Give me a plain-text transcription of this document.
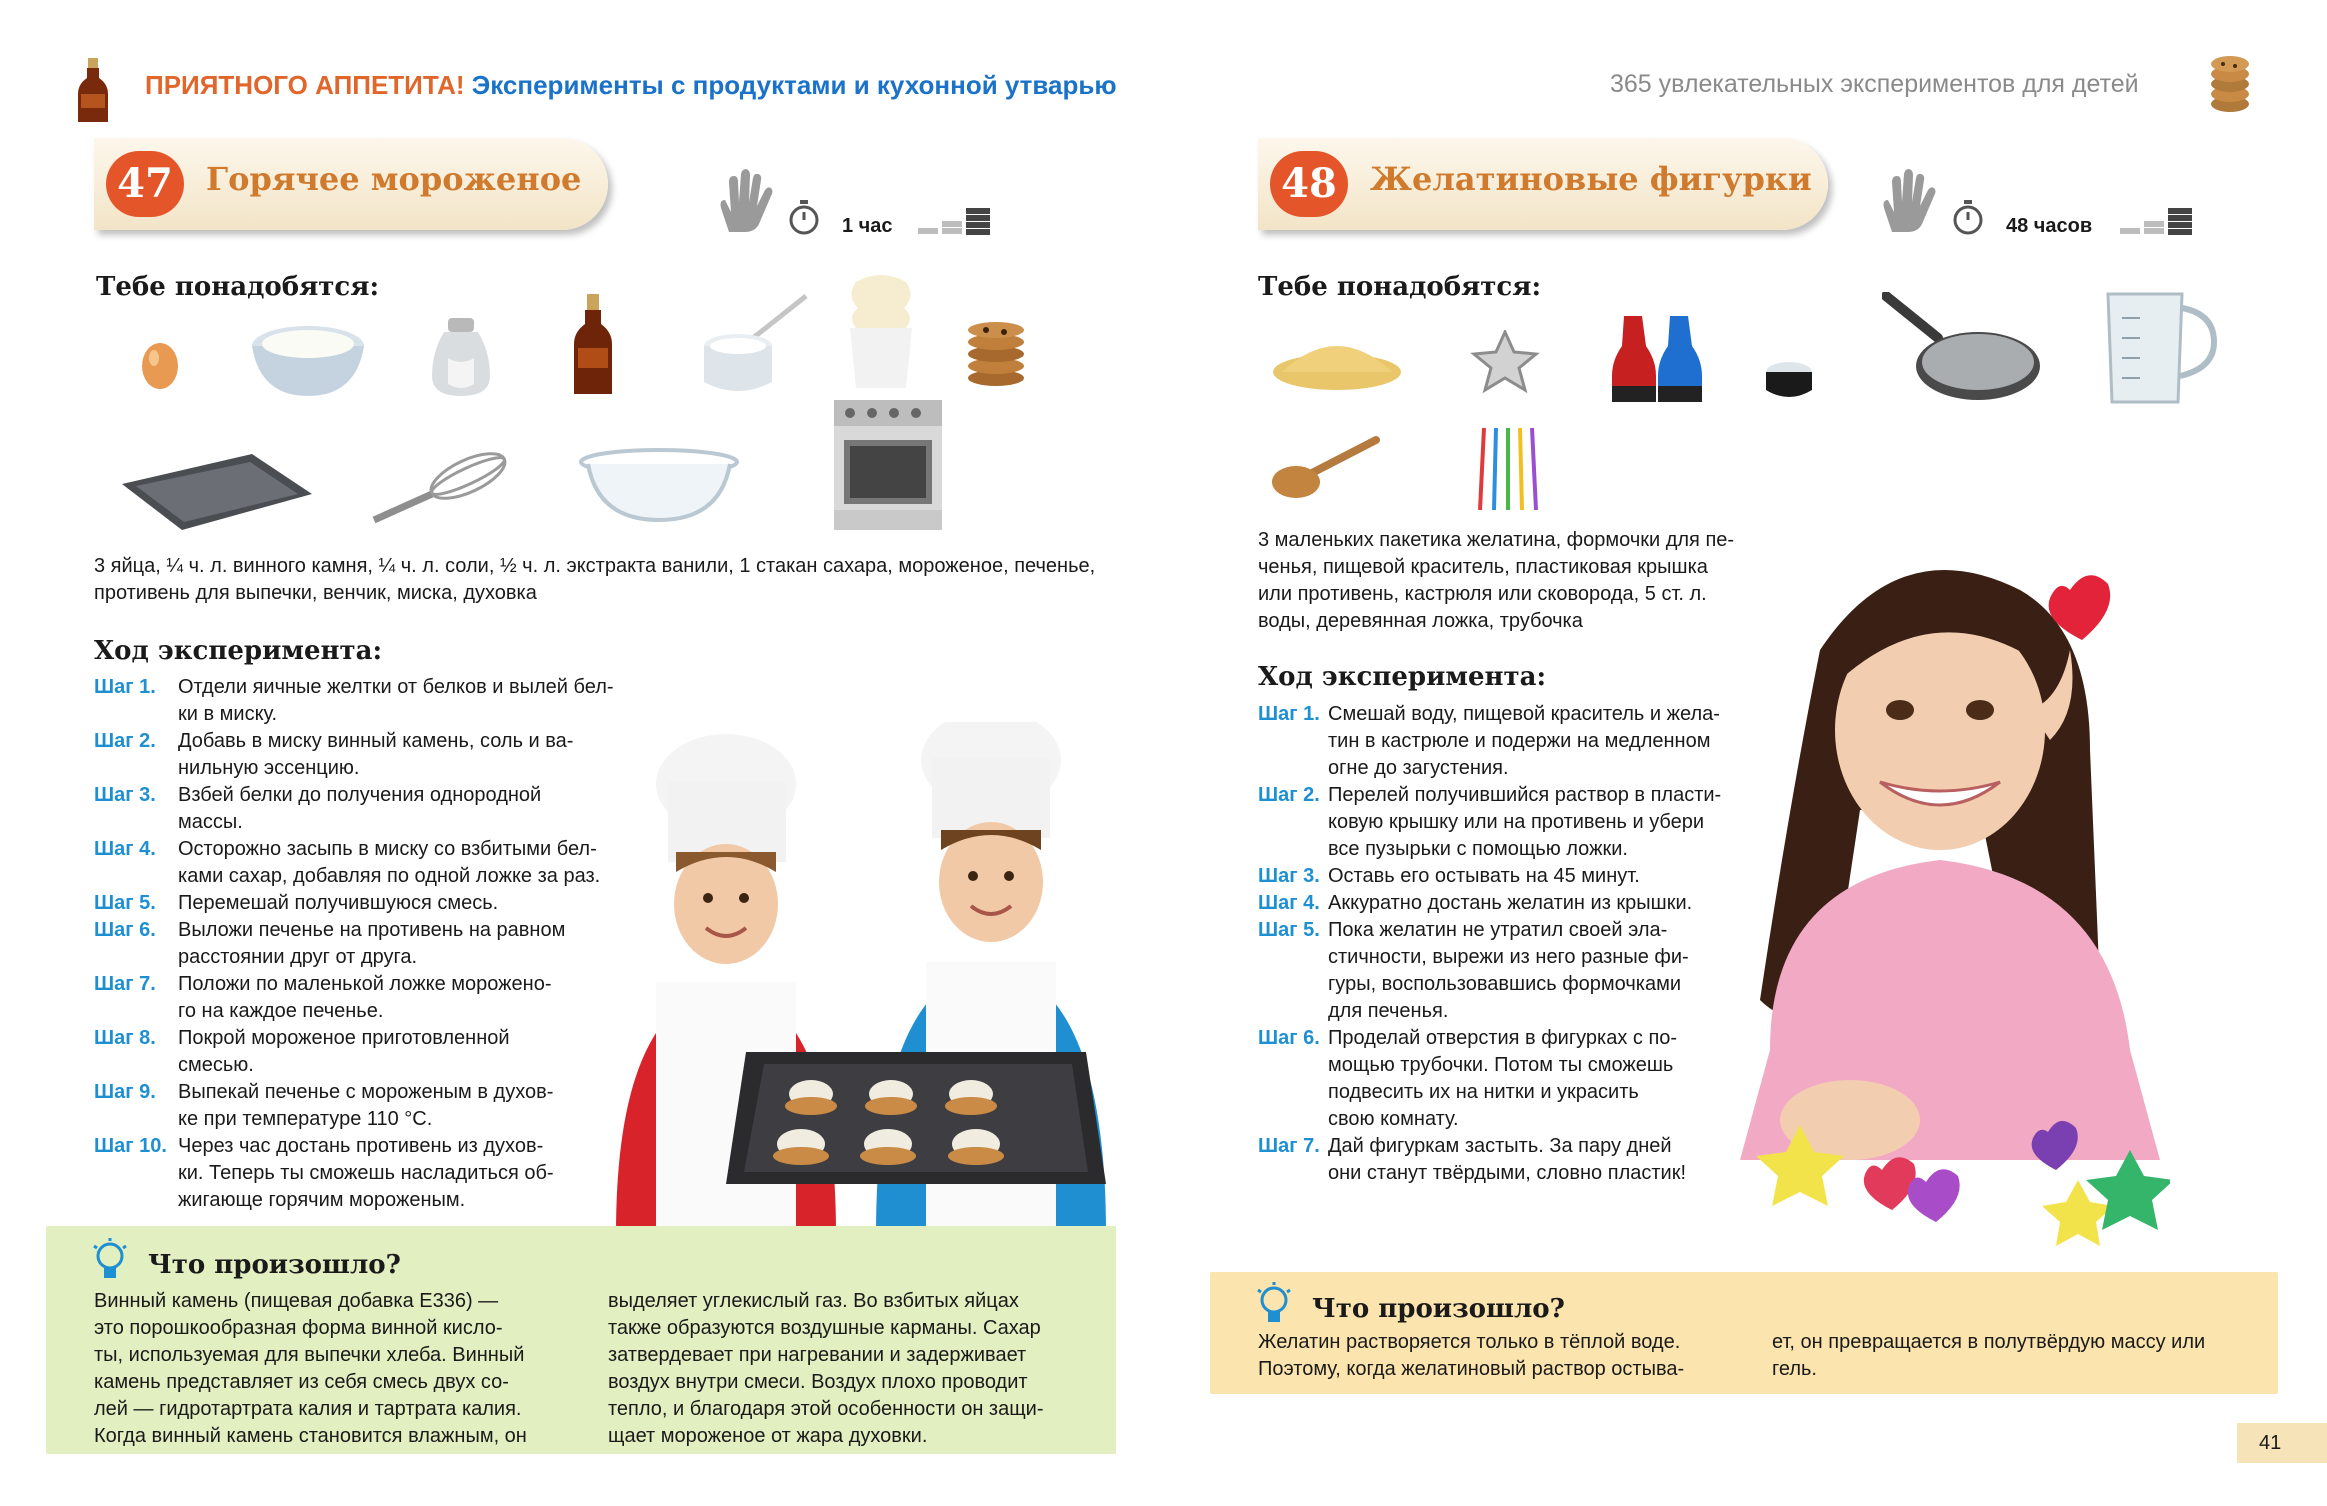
ПРИЯТНОГО АППЕТИТА! Эксперименты с продуктами и кухонной утварью	365 увлекательных экспериментов для детей
47	Горячее мороженое
1 час
Тебе понадобятся:
3 яйца, ¼ ч. л. винного камня, ¼ ч. л. соли, ½ ч. л. экстракта ванили, 1 стакан сахара, мороженое, печенье, противень для выпечки, венчик, миска, духовка
Ход эксперимента:
Шаг 1. Отдели яичные желтки от белков и вылей бел-
ки в миску.
Шаг 2. Добавь в миску винный камень, соль и ва-
нильную эссенцию.
Шаг 3. Взбей белки до получения однородной
массы.
Шаг 4. Осторожно засыпь в миску со взбитыми бел-
ками сахар, добавляя по одной ложке за раз.
Шаг 5. Перемешай получившуюся смесь.
Шаг 6. Выложи печенье на противень на равном
расстоянии друг от друга.
Шаг 7. Положи по маленькой ложке морожено-
го на каждое печенье.
Шаг 8. Покрой мороженое приготовленной
смесью.
Шаг 9. Выпекай печенье с мороженым в духов-
ке при температуре 110 °С.
Шаг 10. Через час достань противень из духов-
ки. Теперь ты сможешь насладиться об-
жигающе горячим мороженым.
Что произошло?
Винный камень (пищевая добавка Е336) —
это порошкообразная форма винной кисло-
ты, используемая для выпечки хлеба. Винный
камень представляет из себя смесь двух со-
лей — гидротартрата калия и тартрата калия.
Когда винный камень становится влажным, он
выделяет углекислый газ. Во взбитых яйцах
также образуются воздушные карманы. Сахар
затвердевает при нагревании и задерживает
воздух внутри смеси. Воздух плохо проводит
тепло, и благодаря этой особенности он защи-
щает мороженое от жара духовки.
48	Желатиновые фигурки
48 часов
Тебе понадобятся:
3 маленьких пакетика желатина, формочки для пе-
ченья, пищевой краситель, пластиковая крышка
или противень, кастрюля или сковорода, 5 ст. л.
воды, деревянная ложка, трубочка
Ход эксперимента:
Шаг 1. Смешай воду, пищевой краситель и жела-
тин в кастрюле и подержи на медленном
огне до загустения.
Шаг 2. Перелей получившийся раствор в пласти-
ковую крышку или на противень и убери
все пузырьки с помощью ложки.
Шаг 3. Оставь его остывать на 45 минут.
Шаг 4. Аккуратно достань желатин из крышки.
Шаг 5. Пока желатин не утратил своей эла-
стичности, вырежи из него разные фи-
гуры, воспользовавшись формочками
для печенья.
Шаг 6. Проделай отверстия в фигурках с по-
мощью трубочки. Потом ты сможешь
подвесить их на нитки и украсить
свою комнату.
Шаг 7. Дай фигуркам застыть. За пару дней
они станут твёрдыми, словно пластик!
Что произошло?
Желатин растворяется только в тёплой воде.
Поэтому, когда желатиновый раствор остыва-
ет, он превращается в полутвёрдую массу или
гель.
41
